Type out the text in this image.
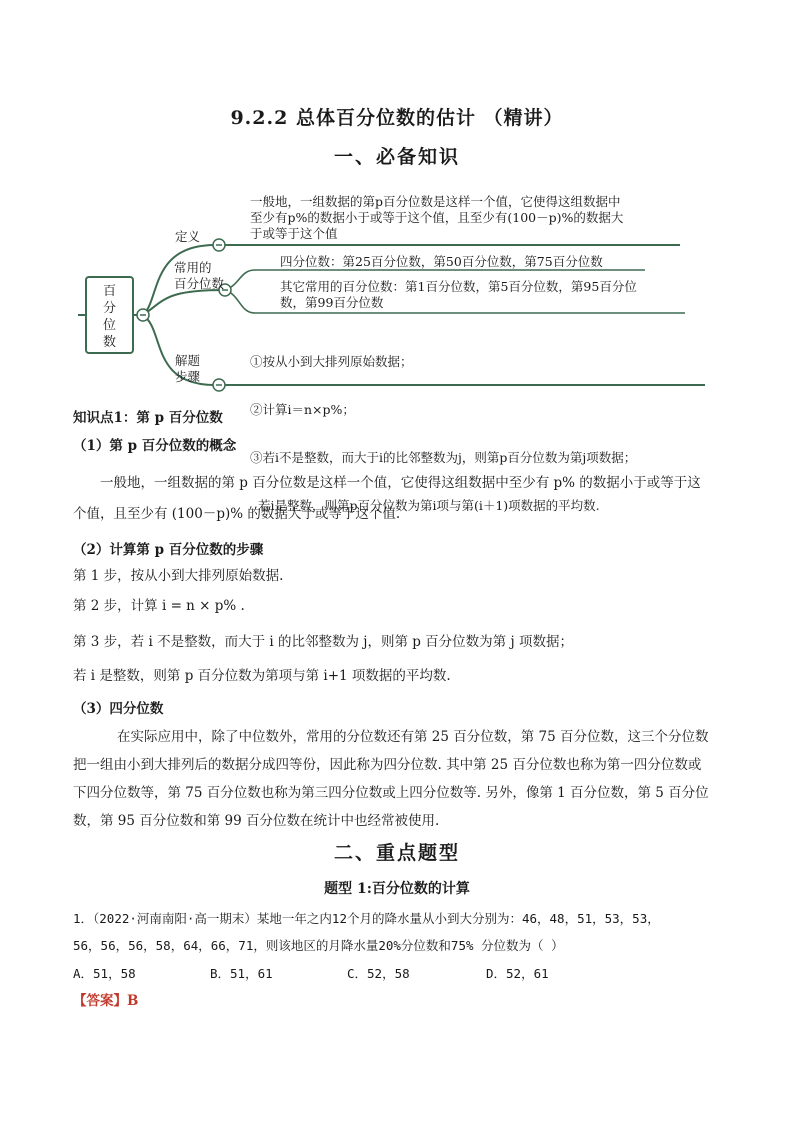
9.2.2 总体百分位数的估计 （精讲）
一、必备知识
百
分
位
数
定义
一般地，一组数据的第p百分位数是这样一个值，它使得这组数据中
至少有p%的数据小于或等于这个值，且至少有(100－p)%的数据大
于或等于这个值
常用的
百分位数
四分位数：第25百分位数，第50百分位数，第75百分位数
其它常用的百分位数：第1百分位数，第5百分位数，第95百分位
数，第99百分位数
解题
步骤

①按从小到大排列原始数据；

②计算i＝n×p%；

③若i不是整数，而大于i的比邻整数为j，则第p百分位数为第j项数据；

若i是整数，则第p百分位数为第i项与第(i＋1)项数据的平均数.

知识点1：第 p 百分位数
（1）第 p 百分位数的概念
一般地，一组数据的第 p 百分位数是这样一个值，它使得这组数据中至少有 p% 的数据小于或等于这
个值，且至少有 (100－p)% 的数据大于或等于这个值.
（2）计算第 p 百分位数的步骤
第 1 步，按从小到大排列原始数据.
第 2 步，计算 i = n × p% .
第 3 步，若 i 不是整数，而大于 i 的比邻整数为 j，则第 p 百分位数为第 j 项数据；
若 i 是整数，则第 p 百分位数为第项与第 i+1 项数据的平均数.
（3）四分位数
在实际应用中，除了中位数外，常用的分位数还有第 25 百分位数，第 75 百分位数，这三个分位数
把一组由小到大排列后的数据分成四等份，因此称为四分位数. 其中第 25 百分位数也称为第一四分位数或
下四分位数等，第 75 百分位数也称为第三四分位数或上四分位数等. 另外，像第 1 百分位数，第 5 百分位
数，第 95 百分位数和第 99 百分位数在统计中也经常被使用.
二、重点题型
题型 1:百分位数的计算
1．（2022·河南南阳·高一期末）某地一年之内12个月的降水量从小到大分别为：46，48，51，53，53，
56，56，56，58，64，66，71，则该地区的月降水量20%分位数和75% 分位数为（ ）
A．51，58	B．51，61	C．52，58	D．52，61
【答案】B
